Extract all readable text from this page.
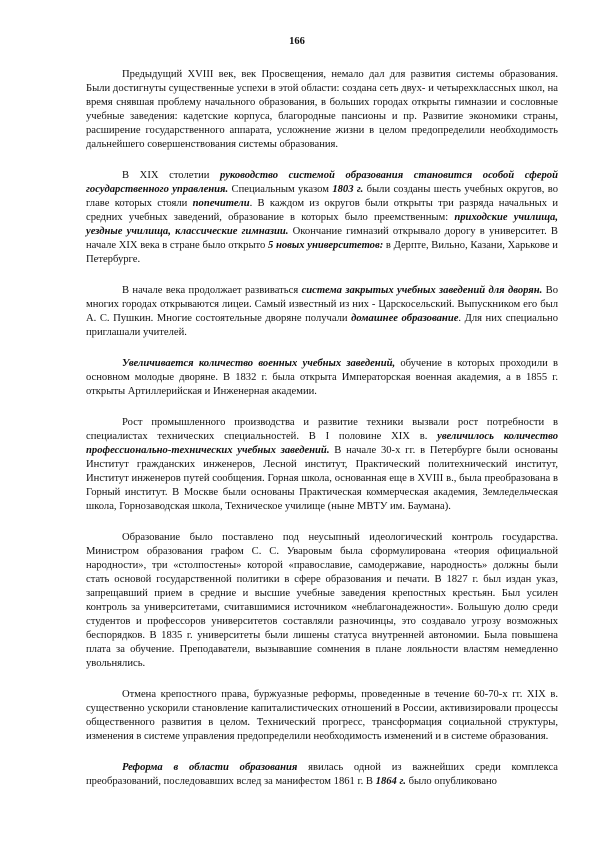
166

Предыдущий XVIII век, век Просвещения, немало дал для развития системы образования. Были достигнуты существенные успехи в этой области: создана сеть двух- и четырехклассных школ, на время снявшая проблему начального образования, в больших городах открыты гимназии и сословные учебные заведения: кадетские корпуса, благородные пансионы и пр. Развитие экономики страны, расширение государственного аппарата, усложнение жизни в целом предопределили необходимость дальнейшего совершенствования системы образования.

В XIX столетии руководство системой образования становится особой сферой государственного управления. Специальным указом 1803 г. были созданы шесть учебных округов, во главе которых стояли попечители. В каждом из округов были открыты три разряда начальных и средних учебных заведений, образование в которых было преемственным: приходские училища, уездные училища, классические гимназии. Окончание гимназий открывало дорогу в университет. В начале XIX века в стране было открыто 5 новых университетов: в Дерпте, Вильно, Казани, Харькове и Петербурге.

В начале века продолжает развиваться система закрытых учебных заведений для дворян. Во многих городах открываются лицеи. Самый известный из них - Царскосельский. Выпускником его был А. С. Пушкин. Многие состоятельные дворяне получали домашнее образование. Для них специально приглашали учителей.

Увеличивается количество военных учебных заведений, обучение в которых проходили в основном молодые дворяне. В 1832 г. была открыта Императорская военная академия, а в 1855 г. открыты Артиллерийская и Инженерная академии.

Рост промышленного производства и развитие техники вызвали рост потребности в специалистах технических специальностей. В I половине XIX в. увеличилось количество профессионально-технических учебных заведений. В начале 30-х гг. в Петербурге были основаны Институт гражданских инженеров, Лесной институт, Практический политехнический институт, Институт инженеров путей сообщения. Горная школа, основанная еще в XVIII в., была преобразована в Горный институт. В Москве были основаны Практическая коммерческая академия, Земледельческая школа, Горнозаводская школа, Техническое училище (ныне МВТУ им. Баумана).

Образование было поставлено под неусыпный идеологический контроль государства. Министром образования графом С. С. Уваровым была сформулирована «теория официальной народности», три «столпостены» которой «православие, самодержавие, народность» должны были стать основой государственной политики в сфере образования и печати. В 1827 г. был издан указ, запрещавший прием в средние и высшие учебные заведения крепостных крестьян. Был усилен контроль за университетами, считавшимися источником «неблагонадежности». Большую долю среди студентов и профессоров университетов составляли разночинцы, это создавало угрозу возможных беспорядков. В 1835 г. университеты были лишены статуса внутренней автономии. Была повышена плата за обучение. Преподаватели, вызывавшие сомнения в плане лояльности властям немедленно увольнялись.

Отмена крепостного права, буржуазные реформы, проведенные в течение 60-70-х гг. XIX в. существенно ускорили становление капиталистических отношений в России, активизировали процессы общественного развития в целом. Технический прогресс, трансформация социальной структуры, изменения в системе управления предопределили необходимость изменений и в системе образования.

Реформа в области образования явилась одной из важнейших среди комплекса преобразований, последовавших вслед за манифестом 1861 г. В 1864 г. было опубликовано
